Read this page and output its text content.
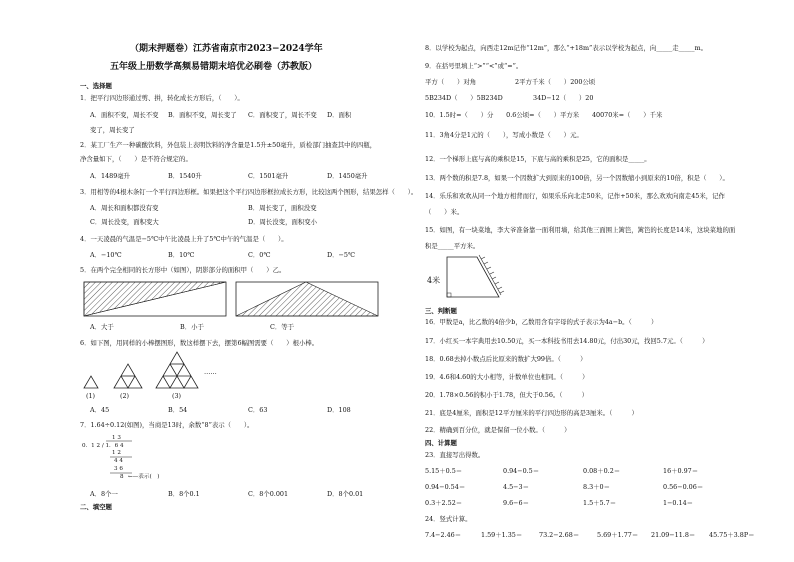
（期末押题卷）江苏省南京市2023−2024学年
五年级上册数学高频易错期末培优必刷卷（苏教版）
一、选择题
1．把平行四边形通过剪、拼，转化成长方形后，（　　）。
A．面积不变，周长不变 B．面积不变，周长变了 C．面积变了，周长不变 D．面积
变了，周长变了
2．某工厂生产一种碳酸饮料，外包装上表明饮料的净含量是1.5升±50毫升，质检部门抽查其中的四瓶，
净含量如下，（　　）是不符合规定的。
A．1489毫升	B．1540升	C．1501毫升	D．1450毫升
3．用相等的4根木条钉一个平行四边形框。如果把这个平行四边形框拉成长方形，比较这两个图形，结果怎样（　　）。
A．周长和面积都没有变	B．周长变了，面积没变
C．周长没变，面积变大	D．周长没变，面积变小
4．一天凌晨的气温是−5℃中午比凌晨上升了5℃中午的气温是（　　）。
A．−10℃	B．10℃	C．0℃	D．−5℃
5．在两个完全相同的长方形中（如图），阴影部分的面积甲（　　）乙。
A．大于	B．小于	C．等于
6．如下图，用同样的小棒摆图形，数这样摆下去，摆第6幅图需要（　　）根小棒。
……
(1)	(2)	(3)
A．45	B．54	C．63	D．108
7．1.64÷0.12(如图)，当商是13时，余数“8”表示（　　）。
1 3
0．1 2 / 1．6 4
1 2
4 4
3 6
8 ←—表示(　)
A．8个一	B．8个0.1	C．8个0.001	D．8个0.01
二、填空题
8．以学校为起点，向西走12m记作“12m”，那么“+18m”表示以学校为起点，向_____走_____m。
9．在括号里填上“>”“<”或“=”。
平方（　　）对角	2平方千米（　　）200公顷
5B234D（　　）5B234D	34D−12（　　）20
10．1.5时=（　　）分　　0.6公顷=（　　）平方米　　40070米=（　　）千米
11．3角4分是1元的（　　），写成小数是（　　）元。
12．一个梯形上底与高的乘积是15，下底与高的乘积是25，它的面积是_____。
13．两个数的积是7.8，如果一个因数扩大到原来的100倍，另一个因数缩小到原来的10倍，积是（　　）。
14．乐乐和欢欢从同一个地方相背而行，如果乐乐向北走50米，记作+50米，那么欢欢向南走45米，记作
（　　）米。
15．如图，有一块菜地，李大爷准备靠一面利用墙，给其他三面围上篱笆，篱笆的长度是14米，这块菜地的面
积是_____平方米。
4米
三、判断题
16．甲数是a，比乙数的4倍少b，乙数用含有字母的式子表示为4a−b。（　　　）
17．小红买一本字典用去10.50元，买一本科技书用去14.80元，付出30元，找回5.7元。（　　　）
18．0.68去掉小数点后比原来的数扩大99倍。（　　　）
19．4.6和4.60的大小相等，计数单位也相同。（　　　）
20．1.78×0.56的积小于1.78，但大于0.56。（　　　）
21．底是4厘米，面积是12平方厘米的平行四边形的高是3厘米。（　　　）
22．精确到百分位，就是保留一位小数。（　　　）
四、计算题
23．直接写出得数。
5.15＋0.5＝	0.94−0.5＝	0.08＋0.2＝	16＋0.97＝
0.94−0.54＝	4.5−3＝	8.3＋0＝	0.56−0.06＝
0.3＋2.52＝	9.6−6＝	1.5＋5.7＝	1−0.14＝
24．竖式计算。
7.4−2.46＝	1.59＋1.35＝	73.2−2.68＝	5.69＋1.77＝ 21.09−11.8＝ 45.75＋3.8P＝
